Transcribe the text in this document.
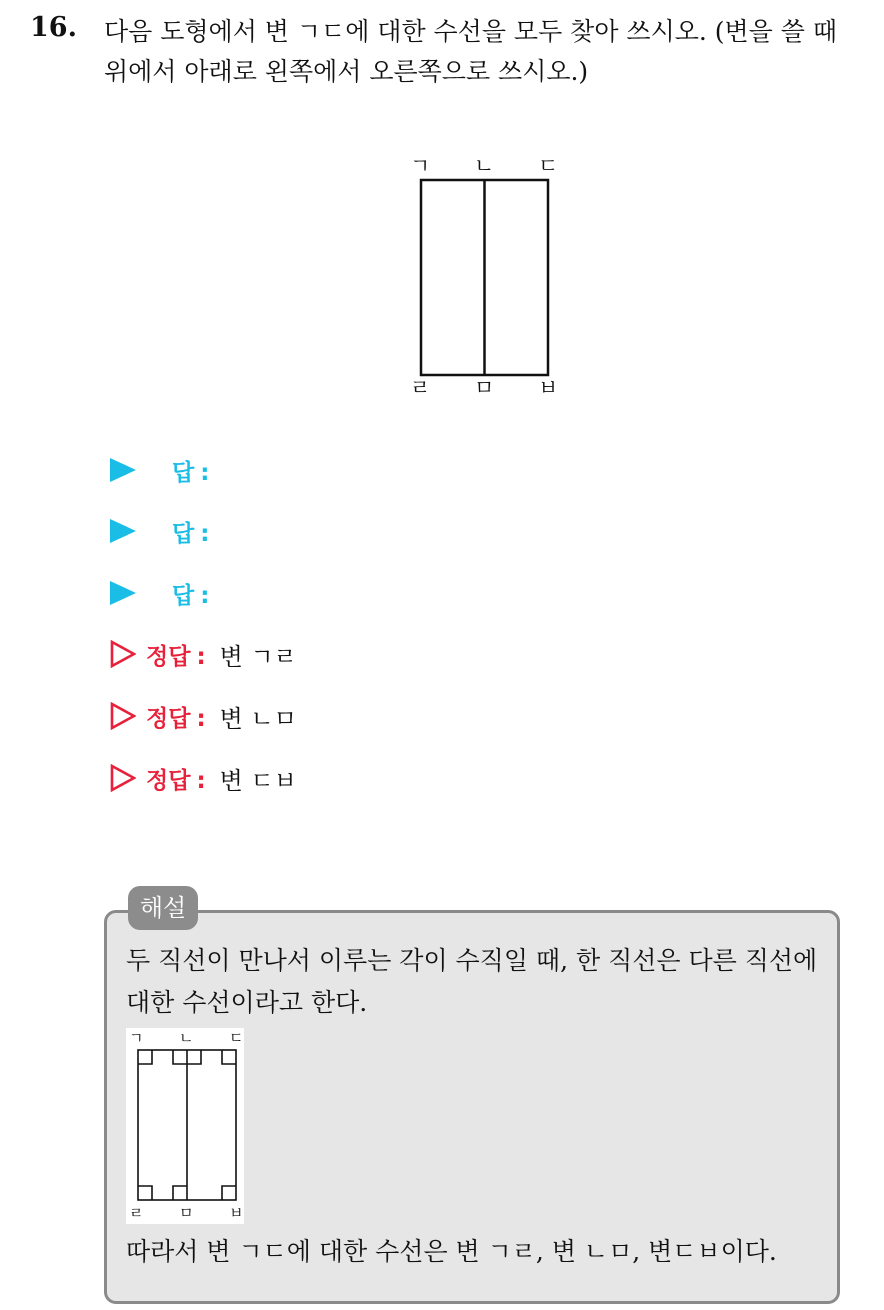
16. 다음 도형에서 변 ㄱㄷ에 대한 수선을 모두 찾아 쓰시오. (변을 쓸 때 위에서 아래로 왼쪽에서 오른쪽으로 쓰시오.)
ㄱ ㄴ ㄷ
ㄹ ㅁ ㅂ
답 :
답 :
답 :
정답 : 변 ㄱㄹ
정답 : 변 ㄴㅁ
정답 : 변 ㄷㅂ
해설
두 직선이 만나서 이루는 각이 수직일 때, 한 직선은 다른 직선에 대한 수선이라고 한다.
ㄱ ㄴ ㄷ
ㄹ ㅁ ㅂ
따라서 변 ㄱㄷ에 대한 수선은 변 ㄱㄹ, 변 ㄴㅁ, 변ㄷㅂ이다.
